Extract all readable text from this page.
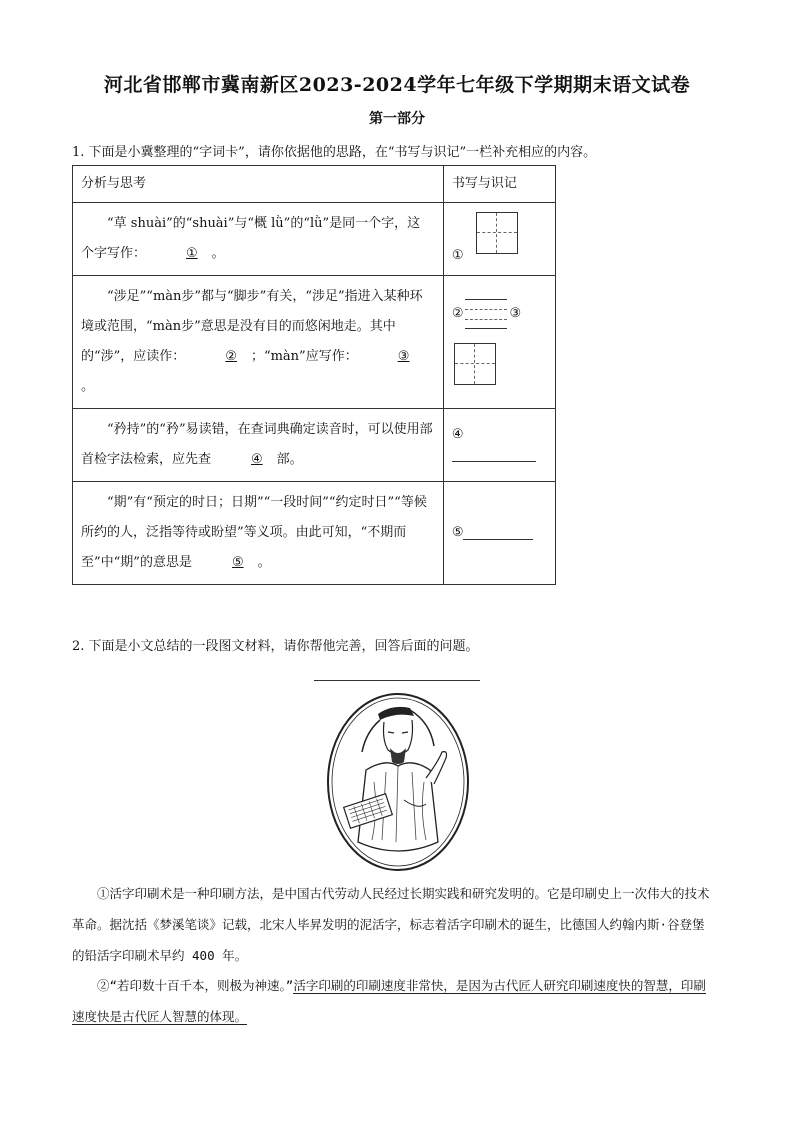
河北省邯郸市冀南新区2023-2024学年七年级下学期期末语文试卷
第一部分
1. 下面是小冀整理的“字词卡”，请你依据他的思路，在“书写与识记”一栏补充相应的内容。
分析与思考	书写与识记
“草 shuài”的“shuài”与“概 lǜ”的“lǜ”是同一个字，这个字写作： ① 。	①
“涉足”“màn步”都与“脚步”有关，“涉足”指进入某种环境或范围，“màn步”意思是没有目的而悠闲地走。其中的“涉”，应读作： ② ；“màn”应写作： ③。	② ③

“矜持”的“矜”易读错，在查词典确定读音时，可以使用部首检字法检索，应先查 ④ 部。	④
“期”有“预定的时日；日期”“一段时间”“约定时日”“等候所约的人，泛指等待或盼望”等义项。由此可知，“不期而至”中“期”的意思是 ⑤ 。	⑤
2. 下面是小文总结的一段图文材料，请你帮他完善，回答后面的问题。
①活字印刷术是一种印刷方法，是中国古代劳动人民经过长期实践和研究发明的。它是印刷史上一次伟大的技术革命。据沈括《梦溪笔谈》记载，北宋人毕昇发明的泥活字，标志着活字印刷术的诞生，比德国人约翰内斯·谷登堡的铅活字印刷术早约 400 年。
②“若印数十百千本，则极为神速。”活字印刷的印刷速度非常快，是因为古代匠人研究印刷速度快的智慧，印刷速度快是古代匠人智慧的体现。
